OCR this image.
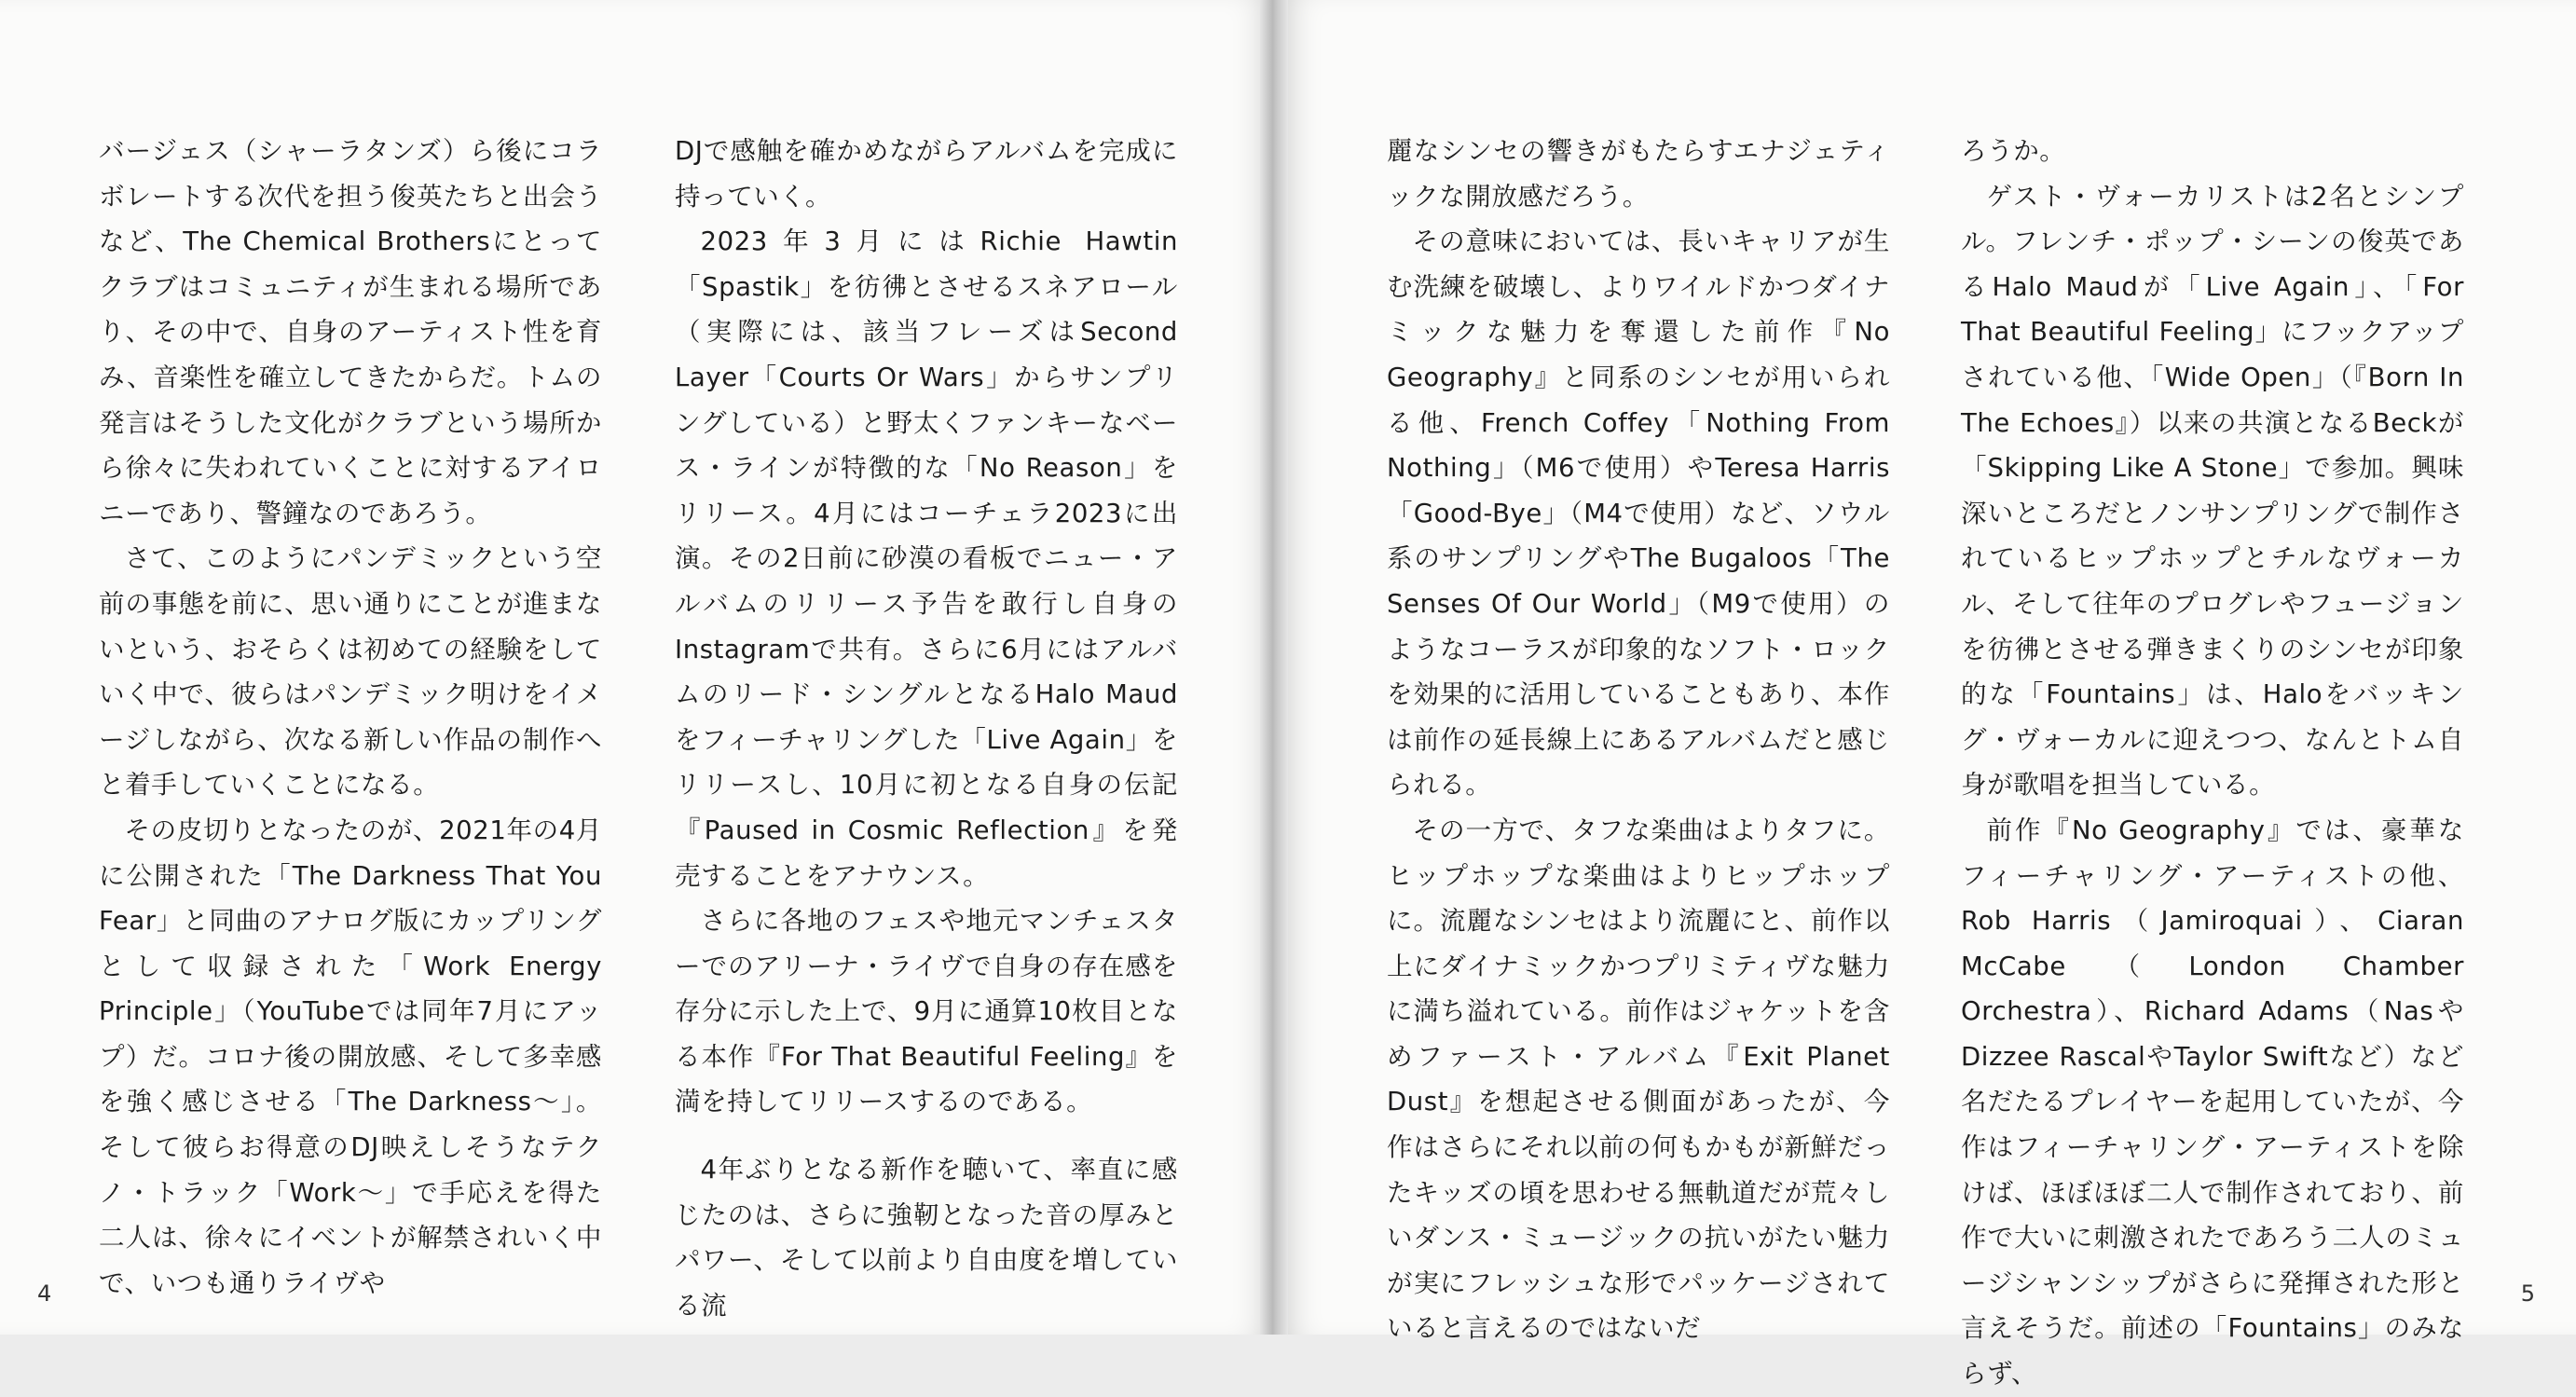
バージェス（シャーラタンズ）ら後にコラボレートする次代を担う俊英たちと出会うなど、The Chemical Brothersにとってクラブはコミュニティが生まれる場所であり、その中で、自身のアーティスト性を育み、音楽性を確立してきたからだ。トムの発言はそうした文化がクラブという場所から徐々に失われていくことに対するアイロニーであり、警鐘なのであろう。

さて、このようにパンデミックという空前の事態を前に、思い通りにことが進まないという、おそらくは初めての経験をしていく中で、彼らはパンデミック明けをイメージしながら、次なる新しい作品の制作へと着手していくことになる。

その皮切りとなったのが、2021年の4月に公開された「The Darkness That You Fear」と同曲のアナログ版にカップリングとして収録された「Work Energy Principle」（YouTubeでは同年7月にアップ）だ。コロナ後の開放感、そして多幸感を強く感じさせる「The Darkness～」。そして彼らお得意のDJ映えしそうなテクノ・トラック「Work～」で手応えを得た二人は、徐々にイベントが解禁されいく中で、いつも通りライヴや

DJで感触を確かめながらアルバムを完成に持っていく。

2023年3月にはRichie Hawtin「Spastik」を彷彿とさせるスネアロール（実際には、該当フレーズはSecond Layer「Courts Or Wars」からサンプリングしている）と野太くファンキーなベース・ラインが特徴的な「No Reason」をリリース。4月にはコーチェラ2023に出演。その2日前に砂漠の看板でニュー・アルバムのリリース予告を敢行し自身のInstagramで共有。さらに6月にはアルバムのリード・シングルとなるHalo Maudをフィーチャリングした「Live Again」をリリースし、10月に初となる自身の伝記『Paused in Cosmic Reflection』を発売することをアナウンス。

さらに各地のフェスや地元マンチェスターでのアリーナ・ライヴで自身の存在感を存分に示した上で、9月に通算10枚目となる本作『For That Beautiful Feeling』を満を持してリリースするのである。

4年ぶりとなる新作を聴いて、率直に感じたのは、さらに強靭となった音の厚みとパワー、そして以前より自由度を増している流

4

麗なシンセの響きがもたらすエナジェティックな開放感だろう。

その意味においては、長いキャリアが生む洗練を破壊し、よりワイルドかつダイナミックな魅力を奪還した前作『No Geography』と同系のシンセが用いられる他、French Coffey「Nothing From Nothing」（M6で使用）やTeresa Harris「Good-Bye」（M4で使用）など、ソウル系のサンプリングやThe Bugaloos「The Senses Of Our World」（M9で使用）のようなコーラスが印象的なソフト・ロックを効果的に活用していることもあり、本作は前作の延長線上にあるアルバムだと感じられる。

その一方で、タフな楽曲はよりタフに。ヒップホップな楽曲はよりヒップホップに。流麗なシンセはより流麗にと、前作以上にダイナミックかつプリミティヴな魅力に満ち溢れている。前作はジャケットを含めファースト・アルバム『Exit Planet Dust』を想起させる側面があったが、今作はさらにそれ以前の何もかもが新鮮だったキッズの頃を思わせる無軌道だが荒々しいダンス・ミュージックの抗いがたい魅力が実にフレッシュな形でパッケージされていると言えるのではないだ

ろうか。

ゲスト・ヴォーカリストは2名とシンプル。フレンチ・ポップ・シーンの俊英であるHalo Maudが「Live Again」、「For That Beautiful Feeling」にフックアップされている他、「Wide Open」（『Born In The Echoes』）以来の共演となるBeckが「Skipping Like A Stone」で参加。興味深いところだとノンサンプリングで制作されているヒップホップとチルなヴォーカル、そして往年のプログレやフュージョンを彷彿とさせる弾きまくりのシンセが印象的な「Fountains」は、Haloをバッキング・ヴォーカルに迎えつつ、なんとトム自身が歌唱を担当している。

前作『No Geography』では、豪華なフィーチャリング・アーティストの他、Rob Harris（Jamiroquai）、Ciaran McCabe（London Chamber Orchestra）、Richard Adams（NasやDizzee RascalやTaylor Swiftなど）など名だたるプレイヤーを起用していたが、今作はフィーチャリング・アーティストを除けば、ほぼほぼ二人で制作されており、前作で大いに刺激されたであろう二人のミュージシャンシップがさらに発揮された形と言えそうだ。前述の「Fountains」のみならず、

5
